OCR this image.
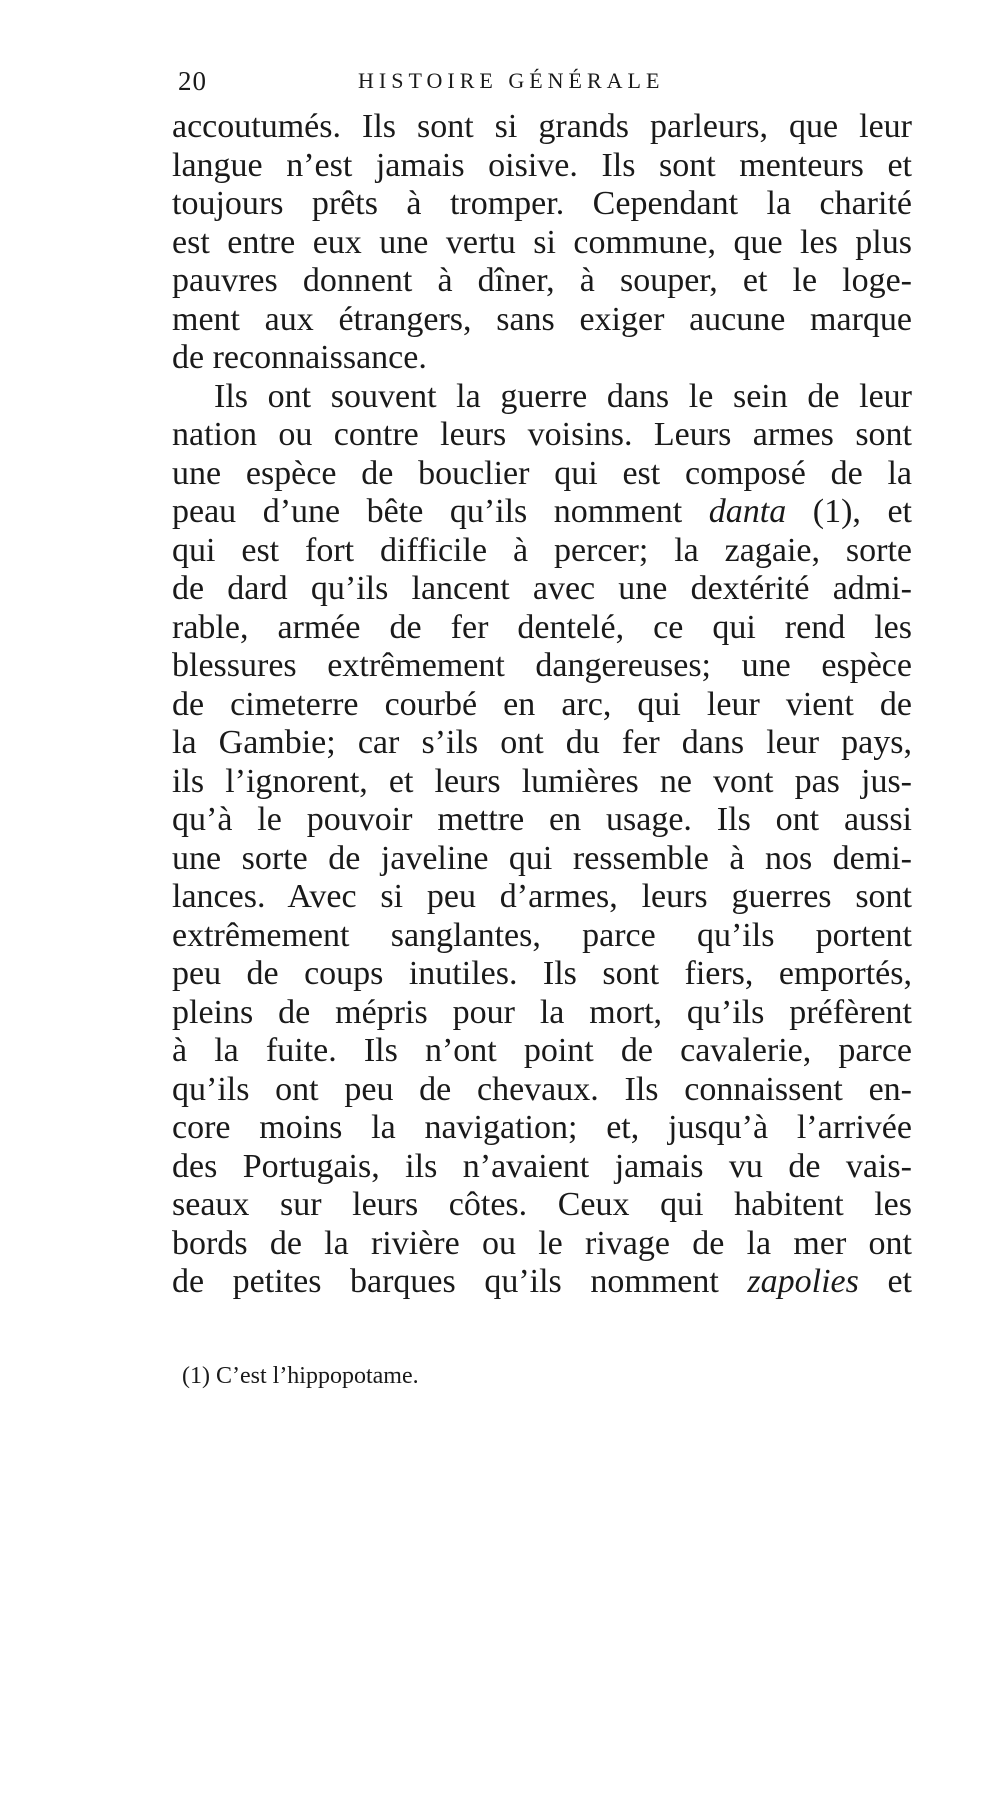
20	HISTOIRE GÉNÉRALE
accoutumés. Ils sont si grands parleurs, que leur
langue n’est jamais oisive. Ils sont menteurs et
toujours prêts à tromper. Cependant la charité
est entre eux une vertu si commune, que les plus
pauvres donnent à dîner, à souper, et le loge-
ment aux étrangers, sans exiger aucune marque
de reconnaissance.
Ils ont souvent la guerre dans le sein de leur
nation ou contre leurs voisins. Leurs armes sont
une espèce de bouclier qui est composé de la
peau d’une bête qu’ils nomment danta (1), et
qui est fort difficile à percer; la zagaie, sorte
de dard qu’ils lancent avec une dextérité admi-
rable, armée de fer dentelé, ce qui rend les
blessures extrêmement dangereuses; une espèce
de cimeterre courbé en arc, qui leur vient de
la Gambie; car s’ils ont du fer dans leur pays,
ils l’ignorent, et leurs lumières ne vont pas jus-
qu’à le pouvoir mettre en usage. Ils ont aussi
une sorte de javeline qui ressemble à nos demi-
lances. Avec si peu d’armes, leurs guerres sont
extrêmement sanglantes, parce qu’ils portent
peu de coups inutiles. Ils sont fiers, emportés,
pleins de mépris pour la mort, qu’ils préfèrent
à la fuite. Ils n’ont point de cavalerie, parce
qu’ils ont peu de chevaux. Ils connaissent en-
core moins la navigation; et, jusqu’à l’arrivée
des Portugais, ils n’avaient jamais vu de vais-
seaux sur leurs côtes. Ceux qui habitent les
bords de la rivière ou le rivage de la mer ont
de petites barques qu’ils nomment zapolies et
(1) C’est l’hippopotame.
